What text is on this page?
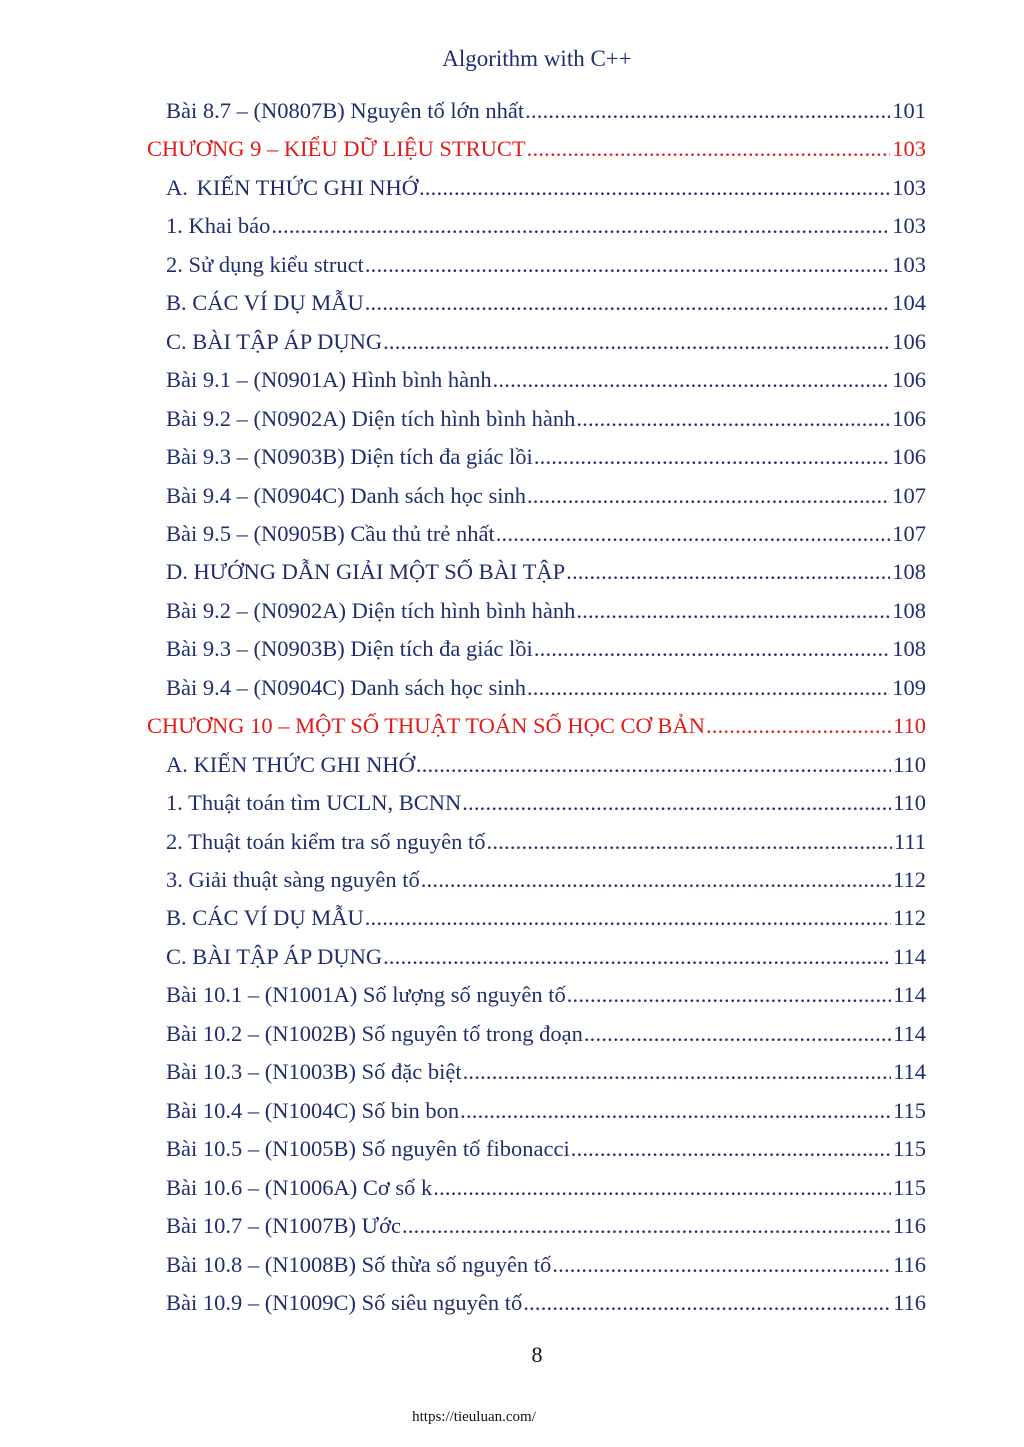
Algorithm with C++
Bài 8.7 – (N0807B) Nguyên tố lớn nhất .....	101
CHƯƠNG 9 – KIỂU DỮ LIỆU STRUCT .....	103
A. KIẾN THỨC GHI NHỚ .....	103
1. Khai báo .....	103
2. Sử dụng kiểu struct .....	103
B. CÁC VÍ DỤ MẪU .....	104
C. BÀI TẬP ÁP DỤNG .....	106
Bài 9.1 – (N0901A) Hình bình hành .....	106
Bài 9.2 – (N0902A) Diện tích hình bình hành .....	106
Bài 9.3 – (N0903B) Diện tích đa giác lồi .....	106
Bài 9.4 – (N0904C) Danh sách học sinh .....	107
Bài 9.5 – (N0905B) Cầu thủ trẻ nhất .....	107
D. HƯỚNG DẪN GIẢI MỘT SỐ BÀI TẬP .....	108
Bài 9.2 – (N0902A) Diện tích hình bình hành .....	108
Bài 9.3 – (N0903B) Diện tích đa giác lồi .....	108
Bài 9.4 – (N0904C) Danh sách học sinh .....	109
CHƯƠNG 10 – MỘT SỐ THUẬT TOÁN SỐ HỌC CƠ BẢN .....	110
A. KIẾN THỨC GHI NHỚ .....	110
1. Thuật toán tìm UCLN, BCNN .....	110
2. Thuật toán kiểm tra số nguyên tố .....	111
3. Giải thuật sàng nguyên tố .....	112
B. CÁC VÍ DỤ MẪU .....	112
C. BÀI TẬP ÁP DỤNG .....	114
Bài 10.1 – (N1001A) Số lượng số nguyên tố .....	114
Bài 10.2 – (N1002B) Số nguyên tố trong đoạn .....	114
Bài 10.3 – (N1003B) Số đặc biệt .....	114
Bài 10.4 – (N1004C) Số bin bon .....	115
Bài 10.5 – (N1005B) Số nguyên tố fibonacci .....	115
Bài 10.6 – (N1006A) Cơ số k .....	115
Bài 10.7 – (N1007B) Ước .....	116
Bài 10.8 – (N1008B) Số thừa số nguyên tố .....	116
Bài 10.9 – (N1009C) Số siêu nguyên tố .....	116
8
https://tieuluan.com/
